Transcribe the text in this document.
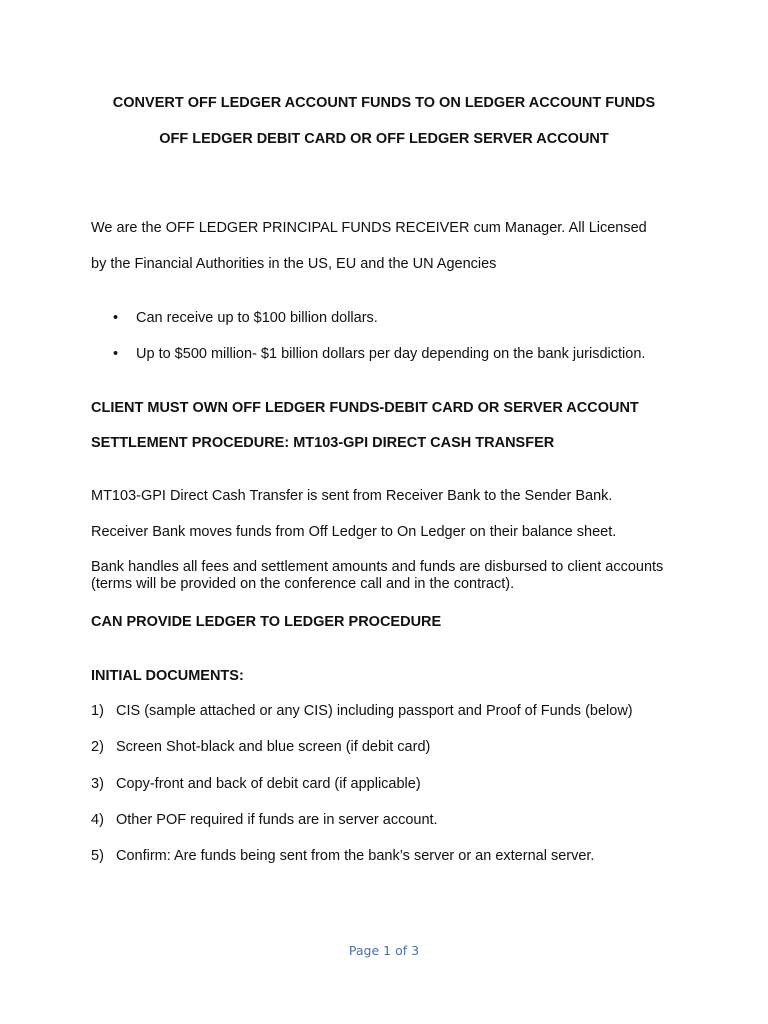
CONVERT OFF LEDGER ACCOUNT FUNDS TO ON LEDGER ACCOUNT FUNDS

OFF LEDGER DEBIT CARD OR OFF LEDGER SERVER ACCOUNT

We are the OFF LEDGER PRINCIPAL FUNDS RECEIVER cum Manager. All Licensed

by the Financial Authorities in the US, EU and the UN Agencies

• Can receive up to $100 billion dollars.
• Up to $500 million- $1 billion dollars per day depending on the bank jurisdiction.

CLIENT MUST OWN OFF LEDGER FUNDS-DEBIT CARD OR SERVER ACCOUNT

SETTLEMENT PROCEDURE: MT103-GPI DIRECT CASH TRANSFER

MT103-GPI Direct Cash Transfer is sent from Receiver Bank to the Sender Bank.

Receiver Bank moves funds from Off Ledger to On Ledger on their balance sheet.

Bank handles all fees and settlement amounts and funds are disbursed to client accounts (terms will be provided on the conference call and in the contract).

CAN PROVIDE LEDGER TO LEDGER PROCEDURE

INITIAL DOCUMENTS:

1) CIS (sample attached or any CIS) including passport and Proof of Funds (below)
2) Screen Shot-black and blue screen (if debit card)
3) Copy-front and back of debit card (if applicable)
4) Other POF required if funds are in server account.
5) Confirm: Are funds being sent from the bank’s server or an external server.
Page 1 of 3
